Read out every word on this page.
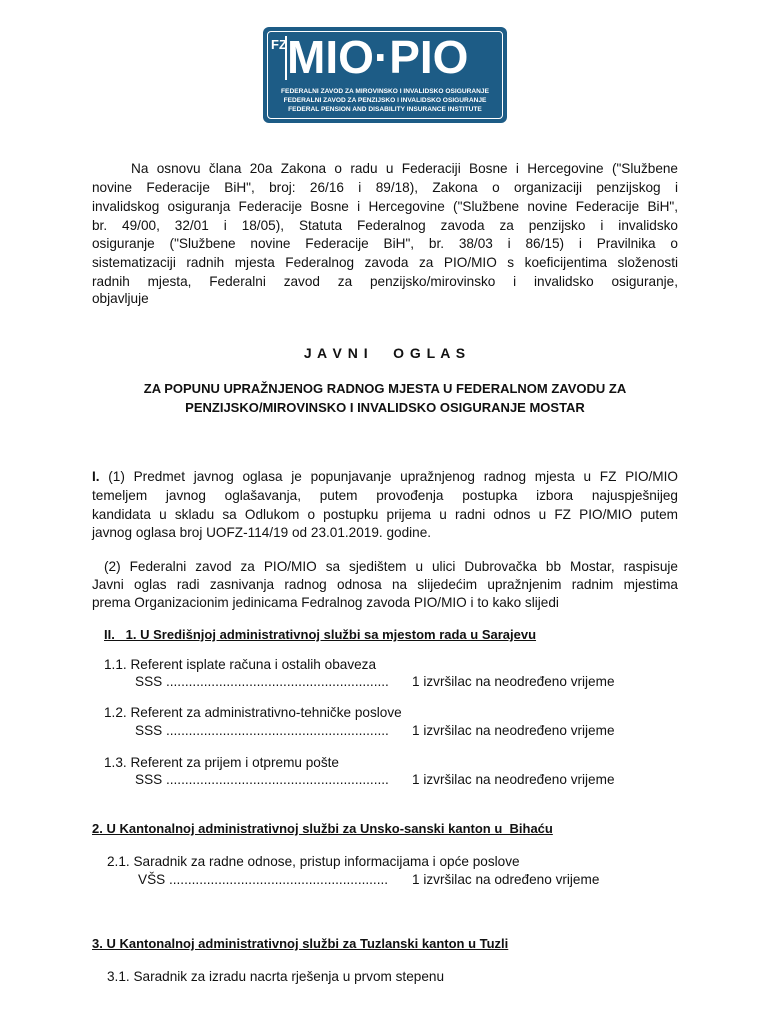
FZ MIO·PIO
FEDERALNI ZAVOD ZA MIROVINSKO I INVALIDSKO OSIGURANJE
FEDERALNI ZAVOD ZA PENZIJSKO I INVALIDSKO OSIGURANJE
FEDERAL PENSION AND DISABILITY INSURANCE INSTITUTE
Na osnovu člana 20a Zakona o radu u Federaciji Bosne i Hercegovine ("Službene
novine Federacije BiH", broj: 26/16 i 89/18), Zakona o organizaciji penzijskog i
invalidskog osiguranja Federacije Bosne i Hercegovine ("Službene novine Federacije BiH",
br. 49/00, 32/01 i 18/05), Statuta Federalnog zavoda za penzijsko i invalidsko
osiguranje ("Službene novine Federacije BiH", br. 38/03 i 86/15) i Pravilnika o
sistematizaciji radnih mjesta Federalnog zavoda za PIO/MIO s koeficijentima složenosti
radnih mjesta, Federalni zavod za penzijsko/mirovinsko i invalidsko osiguranje,
objavljuje
J A V N I     O G L A S
ZA POPUNU UPRAŽNJENOG RADNOG MJESTA U FEDERALNOM ZAVODU ZA
PENZIJSKO/MIROVINSKO I INVALIDSKO OSIGURANJE MOSTAR
I. (1) Predmet javnog oglasa je popunjavanje upražnjenog radnog mjesta u FZ PIO/MIO
temeljem javnog oglašavanja, putem provođenja postupka izbora najuspješnijeg
kandidata u skladu sa Odlukom o postupku prijema u radni odnos u FZ PIO/MIO putem
javnog oglasa broj UOFZ-114/19 od 23.01.2019. godine.
(2) Federalni zavod za PIO/MIO sa sjedištem u ulici Dubrovačka bb Mostar, raspisuje
Javni oglas radi zasnivanja radnog odnosa na slijedećim upražnjenim radnim mjestima
prema Organizacionim jedinicama Fedralnog zavoda PIO/MIO i to kako slijedi
II.   1. U Središnjoj administrativnoj službi sa mjestom rada u Sarajevu
1.1. Referent isplate računa i ostalih obaveza
SSS ........................................................... 1 izvršilac na neodređeno vrijeme
1.2. Referent za administrativno-tehničke poslove
SSS ........................................................... 1 izvršilac na neodređeno vrijeme
1.3. Referent za prijem i otpremu pošte
SSS ........................................................... 1 izvršilac na neodređeno vrijeme
2. U Kantonalnoj administrativnoj službi za Unsko-sanski kanton u  Bihaću
2.1. Saradnik za radne odnose, pristup informacijama i opće poslove
VŠS .......................................................... 1 izvršilac na određeno vrijeme
3. U Kantonalnoj administrativnoj službi za Tuzlanski kanton u Tuzli
3.1. Saradnik za izradu nacrta rješenja u prvom stepenu
